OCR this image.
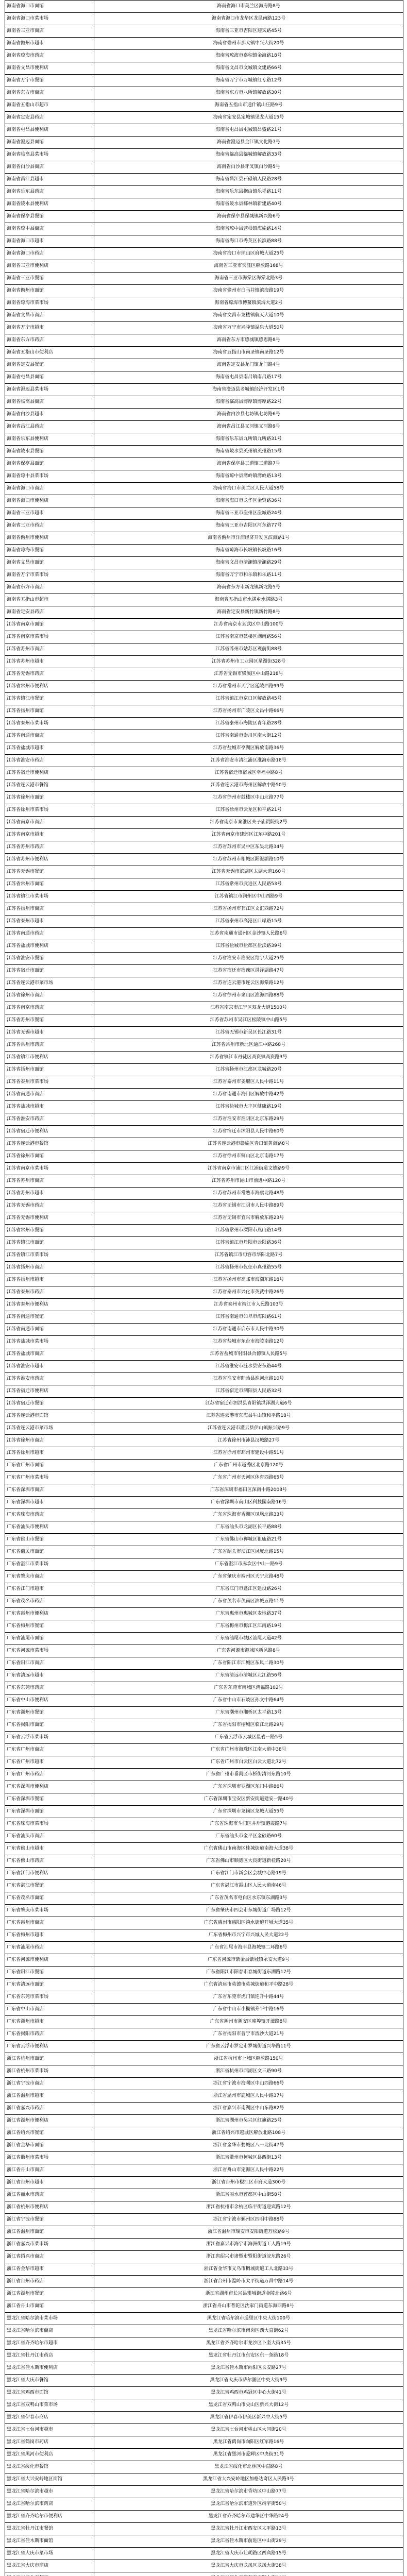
海南省海口市面馆	海南省海口市美兰区海府路8号
海南省海口市菜市场	海南省海口市龙华区龙昆南路123号
海南省三亚市商店	海南省三亚市吉阳区迎宾路45号
海南省儋州市超市	海南省儋州市那大镇中兴大街20号
海南省琼海市药店	海南省琼海市嘉积镇金海路18号
海南省文昌市便利店	海南省文昌市文城镇文建路66号
海南省万宁市餐馆	海南省万宁市万城镇红专路12号
海南省东方市商店	海南省东方市八所镇解放路30号
海南省五指山市超市	海南省五指山市通什镇山庄路9号
海南省定安县药店	海南省定安县定城镇见龙大道15号
海南省屯昌县便利店	海南省屯昌县屯城镇昌盛路21号
海南省澄迈县面馆	海南省澄迈县金江镇文化路7号
海南省临高县菜市场	海南省临高县临城镇解放路33号
海南省白沙县商店	海南省白沙县牙叉镇白沙路5号
海南省昌江县超市	海南省昌江县石碌镇人民路28号
海南省乐东县药店	海南省乐东县抱由镇乐祥路11号
海南省陵水县便利店	海南省陵水县椰林镇新建路40号
海南省保亭县餐馆	海南省保亭县保城镇新兴路6号
海南省琼中县商店	海南省琼中县营根镇海榆路14号
海南省海口市超市	海南省海口市秀英区长滨路88号
海南省海口市药店	海南省海口市琼山区府城大道25号
海南省三亚市便利店	海南省三亚市天涯区解放路168号
海南省三亚市餐馆	海南省三亚市海棠区海棠北路3号
海南省儋州市面馆	海南省儋州市白马井镇滨海路19号
海南省琼海市菜市场	海南省琼海市博鳌镇滨海大道2号
海南省文昌市商店	海南省文昌市龙楼镇航天大道10号
海南省万宁市超市	海南省万宁市兴隆镇温泉大道50号
海南省东方市药店	海南省东方市感城镇感恩路8号
海南省五指山市便利店	海南省五指山市南圣镇南圣路12号
海南省定安县餐馆	海南省定安县龙门镇龙门路4号
海南省屯昌县面馆	海南省屯昌县南吕镇南吕路17号
海南省澄迈县菜市场	海南省澄迈县老城镇经济开发区1号
海南省临高县商店	海南省临高县博厚镇博厚路22号
海南省白沙县超市	海南省白沙县七坊镇七坊路6号
海南省昌江县药店	海南省昌江县叉河镇叉河路9号
海南省乐东县便利店	海南省乐东县九所镇九所路31号
海南省陵水县餐馆	海南省陵水县英州镇英州路15号
海南省保亭县面馆	海南省保亭县三道镇三道路7号
海南省琼中县菜市场	海南省琼中县湾岭镇湾岭路13号
海南省海口市商店	海南省海口市美兰区人民大道58号
海南省海口市便利店	海南省海口市龙华区金贸路36号
海南省三亚市超市	海南省三亚市崖州区崖城路24号
海南省三亚市药店	海南省三亚市吉阳区河东路77号
海南省儋州市便利店	海南省儋州市洋浦经济开发区滨海路1号
海南省琼海市餐馆	海南省琼海市长坡镇长坡路16号
海南省文昌市面馆	海南省文昌市清澜镇清澜路29号
海南省万宁市菜市场	海南省万宁市和乐镇和乐路11号
海南省东方市商店	海南省东方市新龙镇新龙路5号
海南省五指山市超市	海南省五指山市水满乡水满路3号
海南省定安县药店	海南省定安县新竹镇新竹路8号
江苏省南京市面馆	江苏省南京市玄武区中山路100号
江苏省南京市菜市场	江苏省南京市鼓楼区湖南路56号
江苏省苏州市商店	江苏省苏州市姑苏区观前街88号
江苏省苏州市超市	江苏省苏州市工业园区星湖街328号
江苏省无锡市药店	江苏省无锡市梁溪区中山路218号
江苏省常州市便利店	江苏省常州市天宁区延陵西路99号
江苏省镇江市餐馆	江苏省镇江市京口区解放路45号
江苏省扬州市面馆	江苏省扬州市广陵区文昌中路66号
江苏省泰州市菜市场	江苏省泰州市海陵区青年路28号
江苏省南通市商店	江苏省南通市崇川区南大街12号
江苏省盐城市超市	江苏省盐城市亭湖区解放南路36号
江苏省淮安市药店	江苏省淮安市清江浦区淮海东路18号
江苏省宿迁市便利店	江苏省宿迁市宿城区幸福中路8号
江苏省连云港市餐馆	江苏省连云港市海州区解放中路50号
江苏省徐州市面馆	江苏省徐州市鼓楼区中山北路77号
江苏省徐州市菜市场	江苏省徐州市云龙区和平路21号
江苏省南京市商店	江苏省南京市秦淮区夫子庙贡院街2号
江苏省南京市超市	江苏省南京市建邺区江东中路201号
江苏省苏州市药店	江苏省苏州市吴中区东吴北路34号
江苏省苏州市便利店	江苏省苏州市相城区阳澄湖路10号
江苏省无锡市餐馆	江苏省无锡市滨湖区太湖大道160号
江苏省常州市面馆	江苏省常州市武进区人民路53号
江苏省镇江市菜市场	江苏省镇江市润州区中山西路9号
江苏省扬州市商店	江苏省扬州市邗江区文汇西路72号
江苏省泰州市超市	江苏省泰州市高港区口岸路15号
江苏省南通市药店	江苏省南通市通州区金沙镇人民路6号
江苏省盐城市便利店	江苏省盐城市盐都区盐渎路39号
江苏省淮安市餐馆	江苏省淮安市淮安区翔宇大道25号
江苏省宿迁市面馆	江苏省宿迁市宿豫区洪泽湖路47号
江苏省连云港市菜市场	江苏省连云港市连云区海棠路12号
江苏省徐州市商店	江苏省徐州市泉山区淮海西路88号
江苏省南京市药店	江苏省南京市江宁区双龙大道1500号
江苏省苏州市餐馆	江苏省苏州市吴江区松陵镇中山路5号
江苏省无锡市超市	江苏省无锡市新吴区长江路31号
江苏省常州市药店	江苏省常州市新北区通江中路268号
江苏省镇江市便利店	江苏省镇江市丹徒区高资镇高资路3号
江苏省扬州市面馆	江苏省扬州市江都区龙城路20号
江苏省泰州市菜市场	江苏省泰州市姜堰区人民中路11号
江苏省南通市商店	江苏省南通市海门区解放中路42号
江苏省盐城市超市	江苏省盐城市大丰区健康路19号
江苏省淮安市药店	江苏省淮安市淮阴区北京东路29号
江苏省宿迁市便利店	江苏省宿迁市沭阳县人民中路60号
江苏省连云港市餐馆	江苏省连云港市赣榆区青口镇黄海路8号
江苏省徐州市面馆	江苏省徐州市铜山区北京南路17号
江苏省南京市菜市场	江苏省南京市浦口区江浦街道文德路9号
江苏省苏州市商店	江苏省苏州市昆山市前进中路120号
江苏省苏州市超市	江苏省苏州市常熟市海虞北路48号
江苏省无锡市药店	江苏省无锡市江阴市人民中路89号
江苏省无锡市便利店	江苏省无锡市宜兴市解放东路23号
江苏省常州市餐馆	江苏省常州市溧阳市燕山路14号
江苏省镇江市面馆	江苏省镇江市丹阳市云阳路36号
江苏省镇江市菜市场	江苏省镇江市句容市华阳北路7号
江苏省扬州市商店	江苏省扬州市仪征市真州路55号
江苏省扬州市超市	江苏省扬州市高邮市海潮东路18号
江苏省泰州市药店	江苏省泰州市兴化市英武中路26号
江苏省泰州市便利店	江苏省泰州市靖江市人民路103号
江苏省南通市餐馆	江苏省南通市如皋市海阳路61号
江苏省南通市面馆	江苏省南通市启东市人民中路30号
江苏省盐城市菜市场	江苏省盐城市东台市海陵南路12号
江苏省盐城市商店	江苏省盐城市射阳县合德镇人民路5号
江苏省淮安市超市	江苏省淮安市涟水县安东路44号
江苏省淮安市药店	江苏省淮安市盱眙县淮河北路10号
江苏省宿迁市便利店	江苏省宿迁市泗阳县人民路32号
江苏省宿迁市餐馆	江苏省宿迁市泗洪县青阳镇洪泽湖大道6号
江苏省连云港市面馆	江苏省连云港市东海县牛山镇和平路18号
江苏省连云港市菜市场	江苏省连云港市灌云县伊山镇振兴路9号
江苏省徐州市商店	江苏省徐州市沛县汉城路27号
江苏省徐州市超市	江苏省徐州市邳州市建设中路51号
广东省广州市面馆	广东省广州市越秀区北京路120号
广东省广州市菜市场	广东省广州市天河区体育西路65号
广东省深圳市商店	广东省深圳市福田区深南中路2008号
广东省深圳市超市	广东省深圳市南山区科技园南路16号
广东省珠海市药店	广东省珠海市香洲区凤凰北路33号
广东省汕头市便利店	广东省汕头市龙湖区长平路88号
广东省佛山市餐馆	广东省佛山市禅城区祖庙路21号
广东省韶关市面馆	广东省韶关市浈江区风度北路15号
广东省湛江市菜市场	广东省湛江市赤坎区中山一路9号
广东省肇庆市商店	广东省肇庆市端州区天宁北路48号
广东省江门市超市	广东省江门市蓬江区建设路26号
广东省茂名市药店	广东省茂名市茂南区油城五路11号
广东省惠州市便利店	广东省惠州市惠城区麦地路37号
广东省梅州市餐馆	广东省梅州市梅江区江南路19号
广东省汕尾市面馆	广东省汕尾市城区汕尾大道42号
广东省河源市菜市场	广东省河源市源城区新风路8号
广东省阳江市商店	广东省阳江市江城区东风二路30号
广东省清远市超市	广东省清远市清城区北江路56号
广东省东莞市药店	广东省东莞市南城区鸿福路102号
广东省中山市便利店	广东省中山市石岐区孙文中路64号
广东省潮州市餐馆	广东省潮州市湘桥区太平路13号
广东省揭阳市面馆	广东省揭阳市榕城区临江北路29号
广东省云浮市菜市场	广东省云浮市云城区星岩一路5号
广东省广州市商店	广东省广州市海珠区江南大道中38号
广东省广州市超市	广东省广州市白云区白云大道北72号
广东省广州市药店	广东省广州市番禺区市桥街清河东路10号
广东省深圳市便利店	广东省深圳市罗湖区东门中路86号
广东省深圳市餐馆	广东省深圳市宝安区新安街道建安一路40号
广东省深圳市面馆	广东省深圳市龙岗区龙城大道55号
广东省珠海市菜市场	广东省珠海市斗门区井岸镇港霞路7号
广东省汕头市商店	广东省汕头市金平区金砂路60号
广东省佛山市超市	广东省佛山市南海区桂城街道南海大道38号
广东省佛山市药店	广东省佛山市顺德区大良街道新桂路20号
广东省江门市便利店	广东省江门市新会区会城中心路19号
广东省湛江市餐馆	广东省湛江市霞山区人民大道南46号
广东省茂名市面馆	广东省茂名市电白区水东镇东湖路3号
广东省肇庆市菜市场	广东省肇庆市四会市东城街道广场路12号
广东省惠州市商店	广东省惠州市惠阳区淡水街道开城大道35号
广东省梅州市超市	广东省梅州市兴宁市兴城人民大道22号
广东省汕尾市药店	广东省汕尾市海丰县海城镇二环路6号
广东省河源市便利店	广东省河源市紫金县紫城镇永安大道9号
广东省阳江市餐馆	广东省阳江市阳春市春城街道东湖路17号
广东省清远市面馆	广东省清远市英德市英城街道和平中路28号
广东省东莞市菜市场	广东省东莞市虎门镇连升中路44号
广东省中山市商店	广东省中山市小榄镇升平中路16号
广东省潮州市超市	广东省潮州市潮安区庵埠镇开濠路8号
广东省揭阳市药店	广东省揭阳市普宁市流沙大道21号
广东省云浮市便利店	广东省云浮市罗定市罗城街道兴华路11号
浙江省杭州市面馆	浙江省杭州市上城区解放路150号
浙江省杭州市菜市场	浙江省杭州市西湖区文三路90号
浙江省宁波市商店	浙江省宁波市海曙区中山西路66号
浙江省温州市超市	浙江省温州市鹿城区人民中路37号
浙江省嘉兴市药店	浙江省嘉兴市南湖区中山东路82号
浙江省湖州市便利店	浙江省湖州市吴兴区红旗路25号
浙江省绍兴市餐馆	浙江省绍兴市越城区解放北路108号
浙江省金华市面馆	浙江省金华市婺城区八一北街47号
浙江省衢州市菜市场	浙江省衢州市柯城区县西街13号
浙江省舟山市商店	浙江省舟山市定海区人民中路22号
浙江省台州市超市	浙江省台州市椒江区市府大道300号
浙江省丽水市药店	浙江省丽水市莲都区中山街58号
浙江省杭州市便利店	浙江省杭州市余杭区临平街道迎宾路12号
浙江省宁波市餐馆	浙江省宁波市鄞州区四明中路88号
浙江省温州市面馆	浙江省温州市瑞安市安阳街道万松路9号
浙江省嘉兴市菜市场	浙江省嘉兴市海宁市海洲街道工人路19号
浙江省绍兴市商店	浙江省绍兴市诸暨市暨阳街道浣东路26号
浙江省金华市超市	浙江省金华市义乌市稠城街道工人北路33号
浙江省台州市药店	浙江省台州市温岭市太平街道万昌中路14号
浙江省湖州市餐馆	浙江省湖州市长兴县雉城街道金陵北路6号
浙江省舟山市面馆	浙江省舟山市普陀区沈家门街道东海西路8号
黑龙江省哈尔滨市菜市场	黑龙江省哈尔滨市道里区中央大街100号
黑龙江省哈尔滨市商店	黑龙江省哈尔滨市南岗区西大直街62号
黑龙江省齐齐哈尔市超市	黑龙江省齐齐哈尔市龙沙区卜奎大街35号
黑龙江省牡丹江市药店	黑龙江省牡丹江市东安区东一条路18号
黑龙江省佳木斯市便利店	黑龙江省佳木斯市向阳区长安路27号
黑龙江省大庆市餐馆	黑龙江省大庆市萨尔图区中央大街9号
黑龙江省鸡西市面馆	黑龙江省鸡西市鸡冠区中心大街41号
黑龙江省双鸭山市菜市场	黑龙江省双鸭山市尖山区新兴大街12号
黑龙江省伊春市商店	黑龙江省伊春市伊美区新兴中大街5号
黑龙江省七台河市超市	黑龙江省七台河市桃山区大同街20号
黑龙江省鹤岗市药店	黑龙江省鹤岗市向阳区红军路16号
黑龙江省黑河市便利店	黑龙江省黑河市爱辉区中央街31号
黑龙江省绥化市餐馆	黑龙江省绥化市北林区中直路8号
黑龙江省大兴安岭地区面馆	黑龙江省大兴安岭地区加格达奇区人民路3号
黑龙江省哈尔滨市超市	黑龙江省哈尔滨市香坊区中山路77号
黑龙江省哈尔滨市药店	黑龙江省哈尔滨市道外区靖宇街50号
黑龙江省齐齐哈尔市便利店	黑龙江省齐齐哈尔市建华区中华路24号
黑龙江省牡丹江市餐馆	黑龙江省牡丹江市西安区太平路13号
黑龙江省佳木斯市面馆	黑龙江省佳木斯市前进区中山街29号
黑龙江省大庆市菜市场	黑龙江省大庆市让胡路区西宾路15号
黑龙江省大庆市商店	黑龙江省大庆市龙凤区龙凤大街38号
